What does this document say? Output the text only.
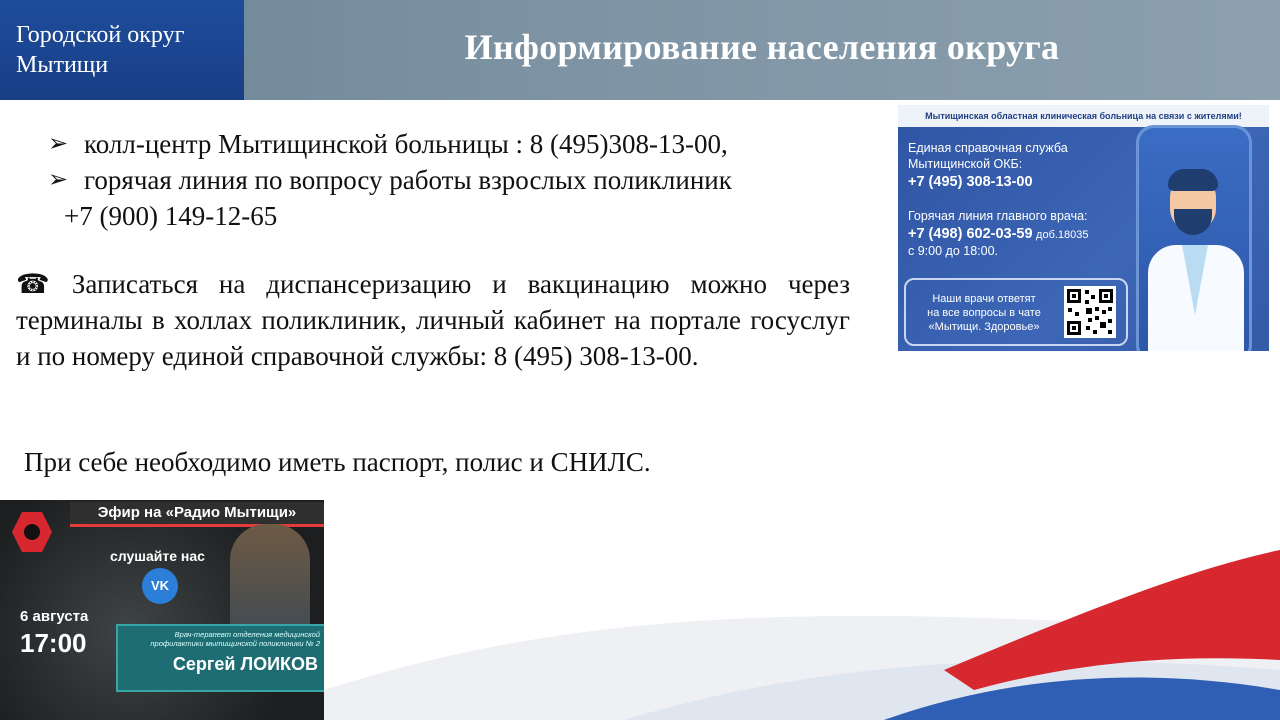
Городской округ
Мытищи	Информирование населения округа
➢ колл-центр Мытищинской больницы : 8 (495)308-13-00,
➢ горячая линия по вопросу работы взрослых поликлиник
+7 (900) 149-12-65
☎ Записаться на диспансеризацию и вакцинацию можно через терминалы в холлах поликлиник, личный кабинет на портале госуслуг и по номеру единой справочной службы: 8 (495) 308-13-00.
При себе необходимо иметь паспорт, полис и СНИЛС.
Мытищинская областная клиническая больница на связи с жителями!
Единая справочная служба
Мытищинской ОКБ:
+7 (495) 308-13-00
Горячая линия главного врача:
+7 (498) 602-03-59 доб.18035
с 9:00 до 18:00.
Наши врачи ответят
на все вопросы в чате
«Мытищи. Здоровье»
Эфир на «Радио Мытищи»
слушайте нас
VK
6 августа
17:00	Врач-терапевт отделения медицинской профилактики мытищинской поликлиники № 2
Сергей ЛОИКОВ
